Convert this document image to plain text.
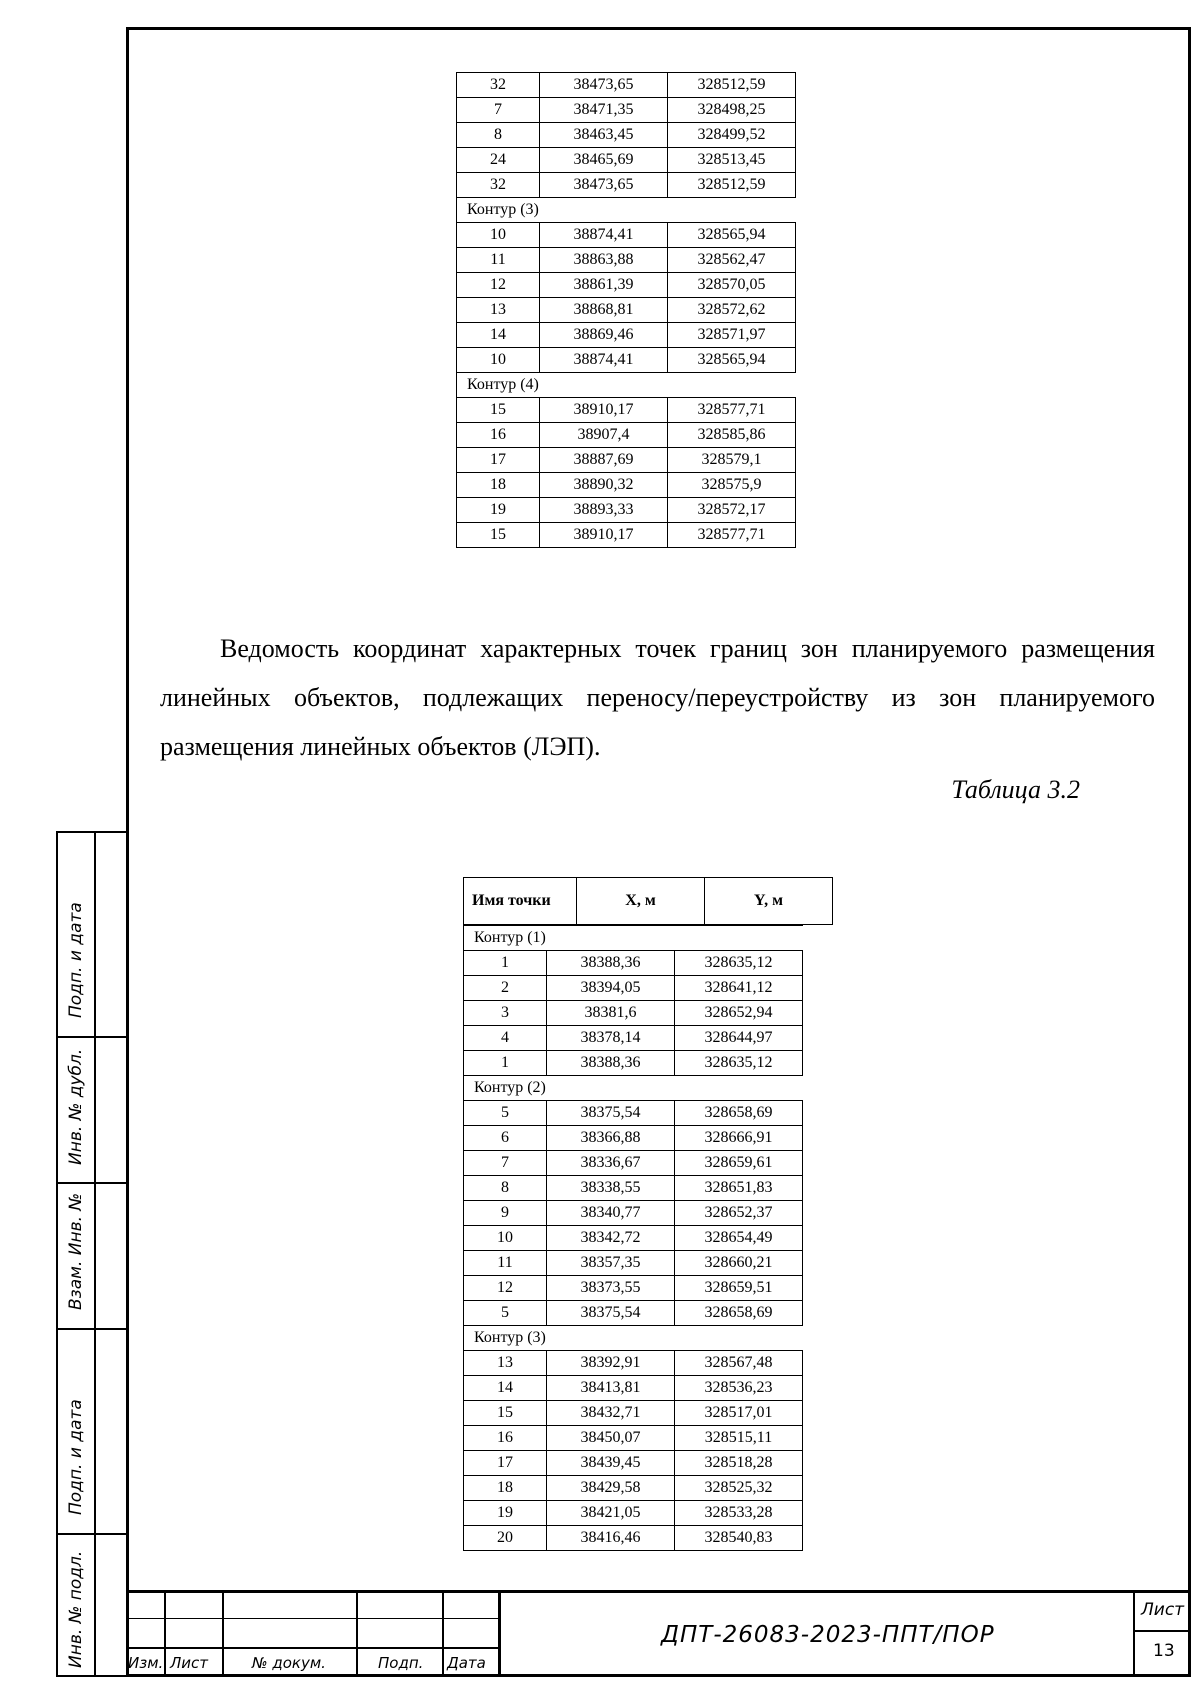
32	38473,65	328512,59
7	38471,35	328498,25
8	38463,45	328499,52
24	38465,69	328513,45
32	38473,65	328512,59
Контур (3)		
10	38874,41	328565,94
11	38863,88	328562,47
12	38861,39	328570,05
13	38868,81	328572,62
14	38869,46	328571,97
10	38874,41	328565,94
Контур (4)		
15	38910,17	328577,71
16	38907,4	328585,86
17	38887,69	328579,1
18	38890,32	328575,9
19	38893,33	328572,17
15	38910,17	328577,71

Ведомость координат характерных точек границ зон планируемого размещения линейных объектов, подлежащих переносу/переустройству из зон планируемого размещения линейных объектов (ЛЭП).

Таблица 3.2
Имя точки	X, м	Y, м
Контур (1)		
1	38388,36	328635,12
2	38394,05	328641,12
3	38381,6	328652,94
4	38378,14	328644,97
1	38388,36	328635,12
Контур (2)		
5	38375,54	328658,69
6	38366,88	328666,91
7	38336,67	328659,61
8	38338,55	328651,83
9	38340,77	328652,37
10	38342,72	328654,49
11	38357,35	328660,21
12	38373,55	328659,51
5	38375,54	328658,69
Контур (3)		
13	38392,91	328567,48
14	38413,81	328536,23
15	38432,71	328517,01
16	38450,07	328515,11
17	38439,45	328518,28
18	38429,58	328525,32
19	38421,05	328533,28
20	38416,46	328540,83
Подп. и дата
Инв. № дубл.
Взам. Инв. №
Подп. и дата
Инв. № подл.	Изм. Лист	№ докум.	Подп. Дата
ДПТ-26083-2023-ППТ/ПОР
Лист
13
